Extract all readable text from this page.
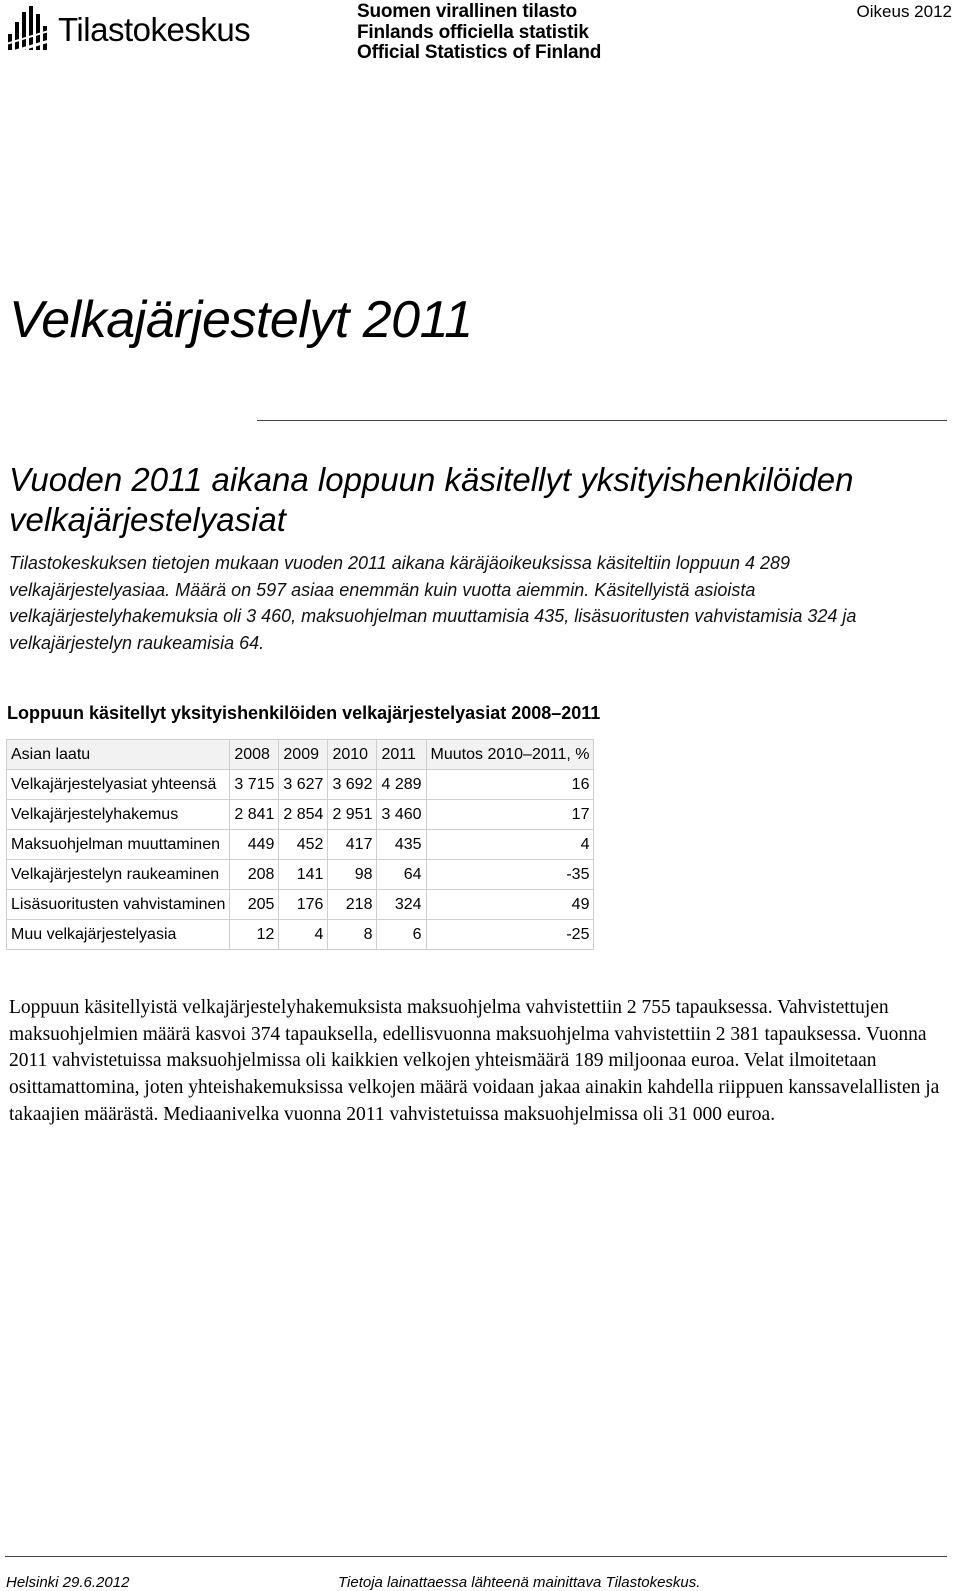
Tilastokeskus	Suomen virallinen tilasto
Finlands officiella statistik
Official Statistics of Finland
Oikeus 2012
Velkajärjestelyt 2011
Vuoden 2011 aikana loppuun käsitellyt yksityishenkilöiden velkajärjestelyasiat

Tilastokeskuksen tietojen mukaan vuoden 2011 aikana käräjäoikeuksissa käsiteltiin loppuun 4 289 velkajärjestelyasiaa. Määrä on 597 asiaa enemmän kuin vuotta aiemmin. Käsitellyistä asioista velkajärjestelyhakemuksia oli 3 460, maksuohjelman muuttamisia 435, lisäsuoritusten vahvistamisia 324 ja velkajärjestelyn raukeamisia 64.

Loppuun käsitellyt yksityishenkilöiden velkajärjestelyasiat 2008–2011
Asian laatu	2008	2009	2010	2011	Muutos 2010–2011, %
Velkajärjestelyasiat yhteensä	3 715	3 627	3 692	4 289	16
Velkajärjestelyhakemus	2 841	2 854	2 951	3 460	17
Maksuohjelman muuttaminen	449	452	417	435	4
Velkajärjestelyn raukeaminen	208	141	98	64	-35
Lisäsuoritusten vahvistaminen	205	176	218	324	49
Muu velkajärjestelyasia	12	4	8	6	-25

Loppuun käsitellyistä velkajärjestelyhakemuksista maksuohjelma vahvistettiin 2 755 tapauksessa. Vahvistettujen maksuohjelmien määrä kasvoi 374 tapauksella, edellisvuonna maksuohjelma vahvistettiin 2 381 tapauksessa. Vuonna 2011 vahvistetuissa maksuohjelmissa oli kaikkien velkojen yhteismäärä 189 miljoonaa euroa. Velat ilmoitetaan osittamattomina, joten yhteishakemuksissa velkojen määrä voidaan jakaa ainakin kahdella riippuen kanssavelallisten ja takaajien määrästä. Mediaanivelka vuonna 2011 vahvistetuissa maksuohjelmissa oli 31 000 euroa.

Helsinki 29.6.2012	Tietoja lainattaessa lähteenä mainittava Tilastokeskus.
